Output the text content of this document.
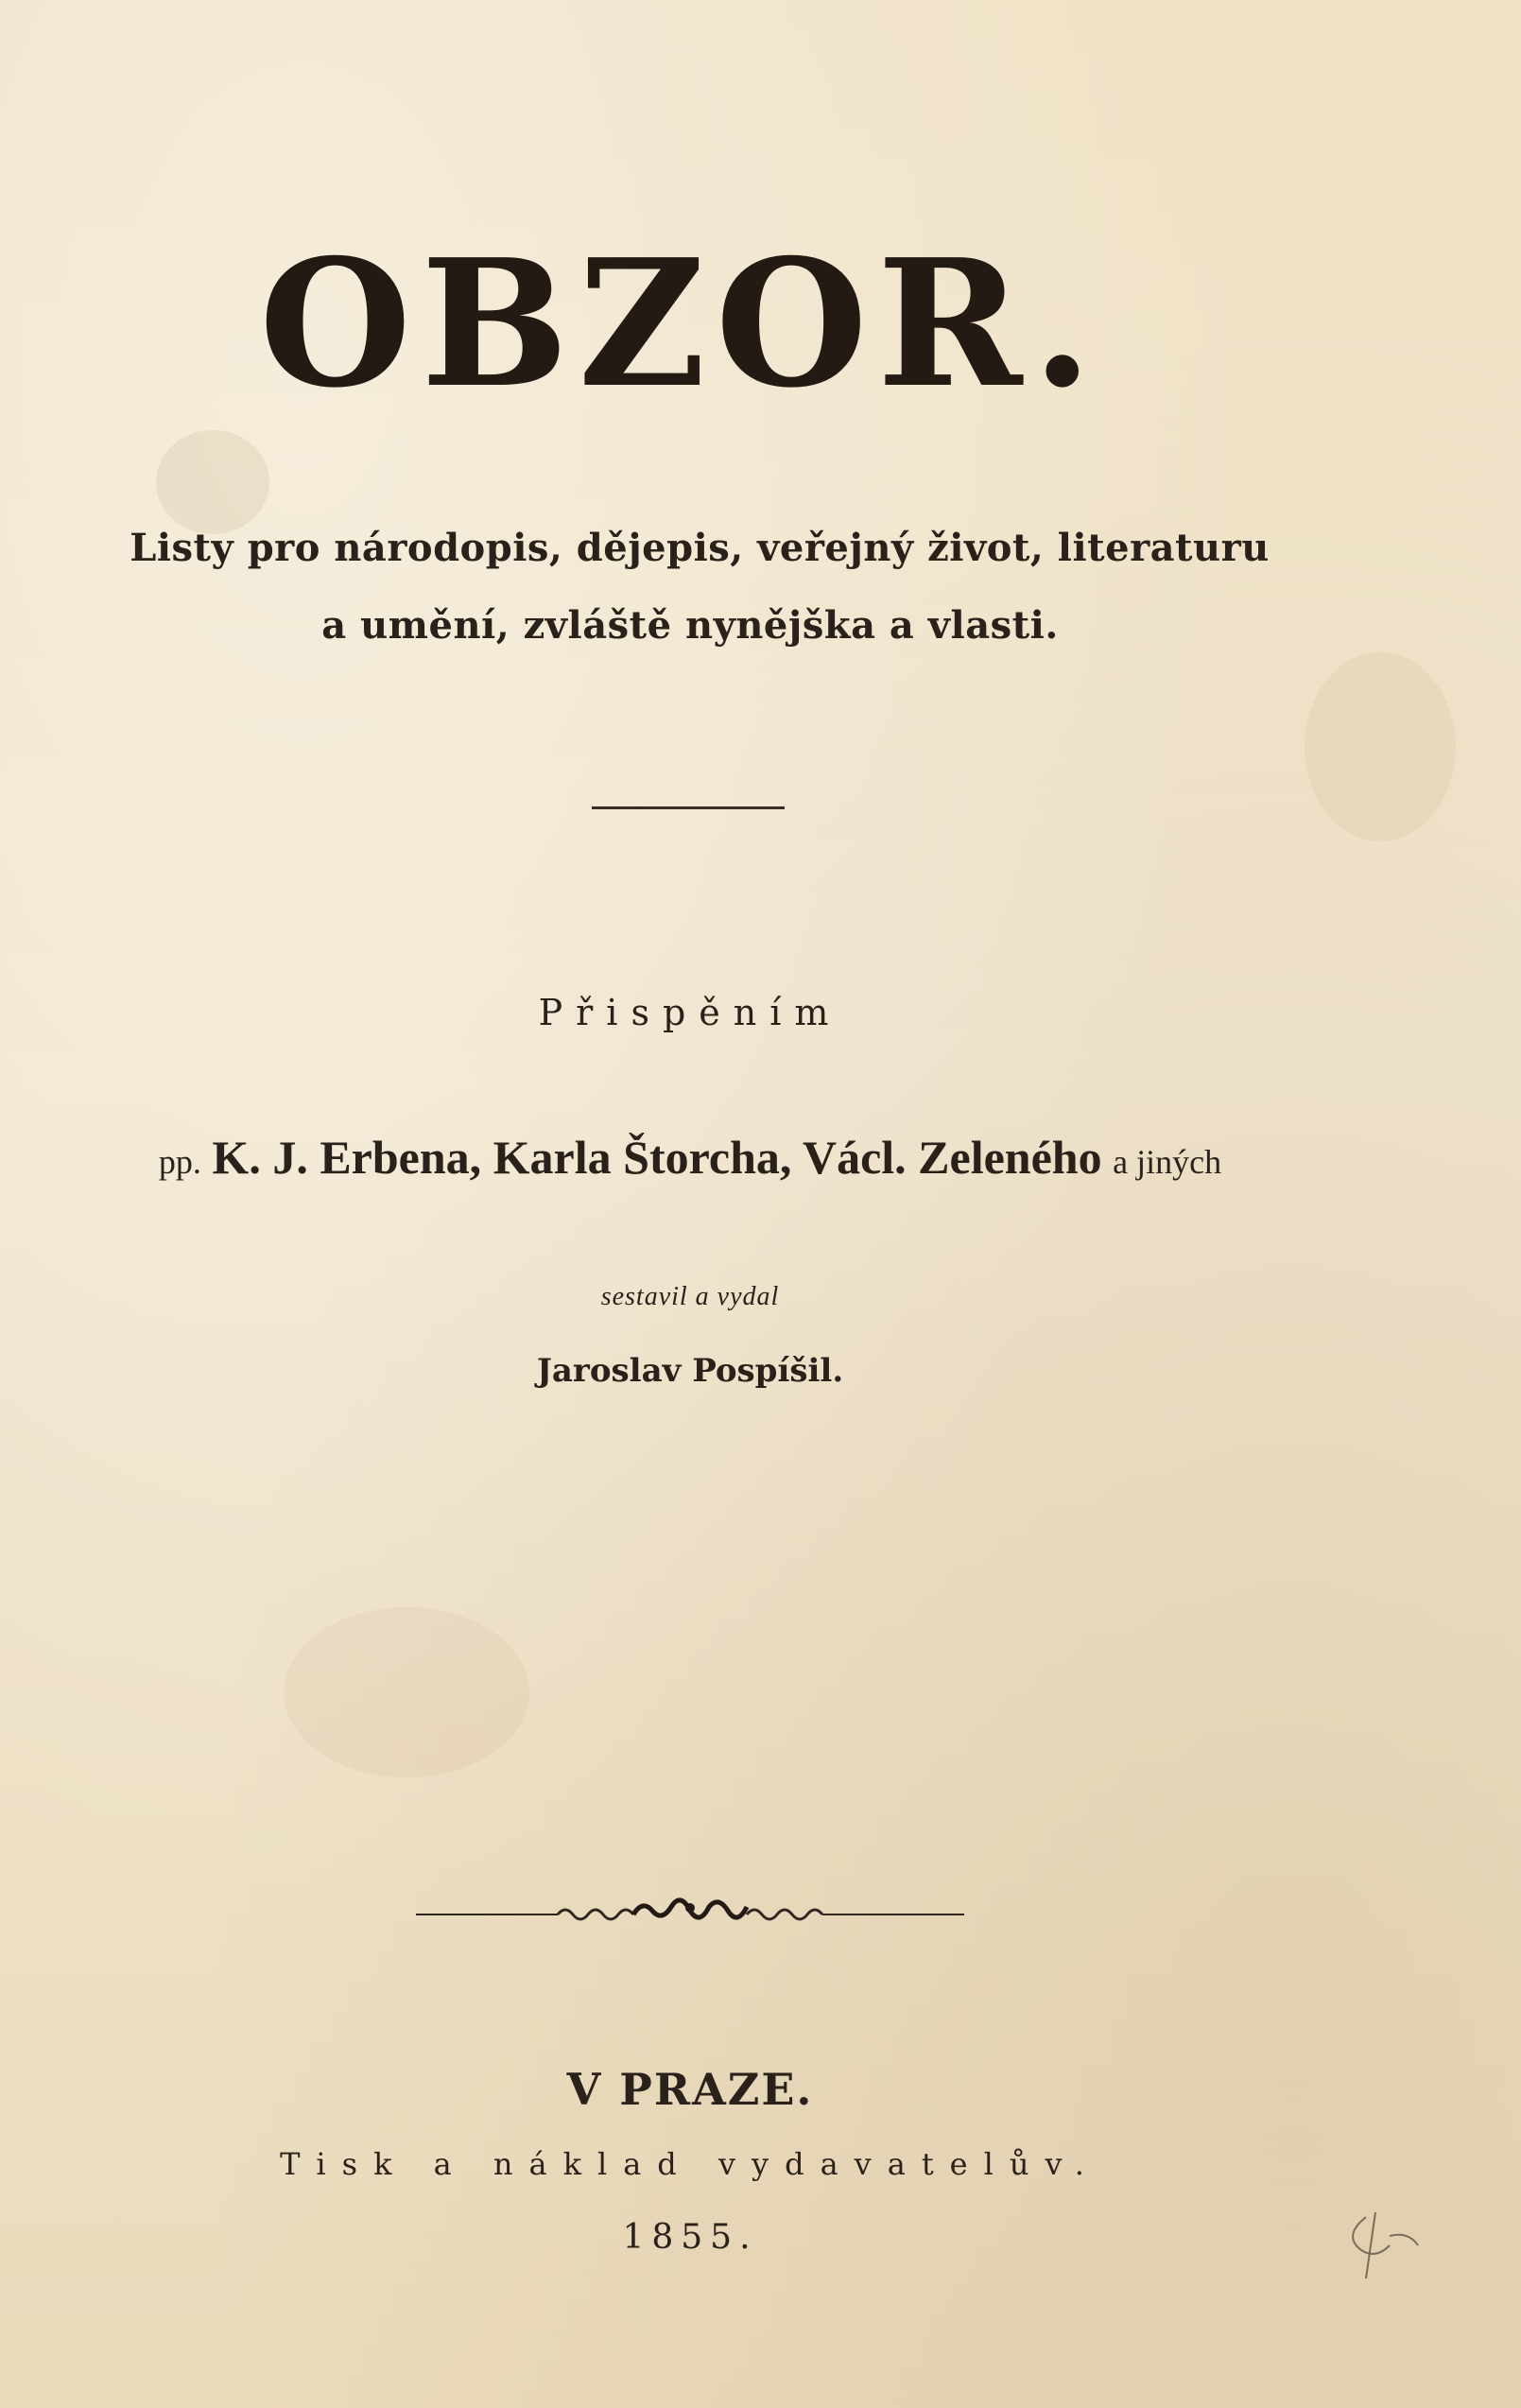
OBZOR.
Listy pro národopis, dějepis, veřejný život, literaturu
a umění, zvláště nynějška a vlasti.
Přispěním
pp. K. J. Erbena, Karla Štorcha, Václ. Zeleného a jiných
sestavil a vydal
Jaroslav Pospíšil.
V PRAZE.
Tisk a náklad vydavatelův.
1855.
